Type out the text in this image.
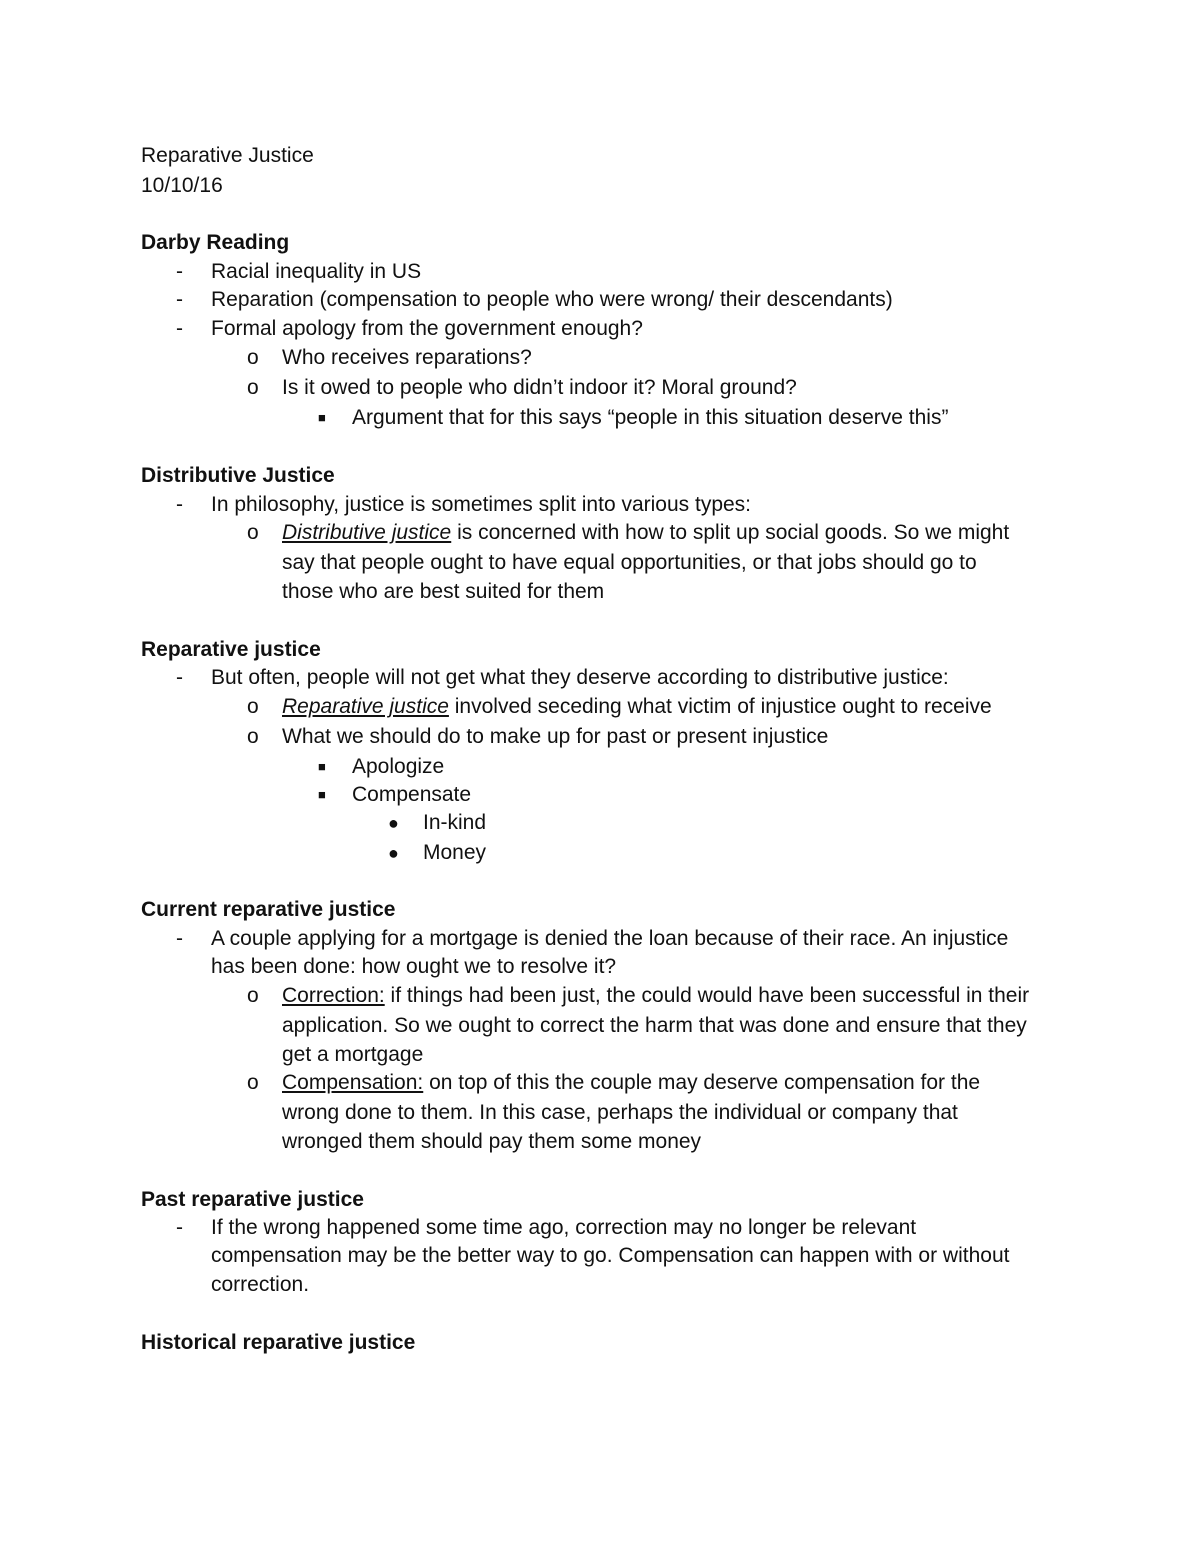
Reparative Justice
10/10/16
Darby Reading
- Racial inequality in US
- Reparation (compensation to people who were wrong/ their descendants)
- Formal apology from the government enough?
o Who receives reparations?
o Is it owed to people who didn’t indoor it? Moral ground?
■ Argument that for this says “people in this situation deserve this”
Distributive Justice
- In philosophy, justice is sometimes split into various types:
o Distributive justice is concerned with how to split up social goods. So we might
say that people ought to have equal opportunities, or that jobs should go to
those who are best suited for them
Reparative justice
- But often, people will not get what they deserve according to distributive justice:
o Reparative justice involved seceding what victim of injustice ought to receive
o What we should do to make up for past or present injustice
■ Apologize
■ Compensate
● In-kind
● Money
Current reparative justice
- A couple applying for a mortgage is denied the loan because of their race. An injustice
has been done: how ought we to resolve it?
o Correction: if things had been just, the could would have been successful in their
application. So we ought to correct the harm that was done and ensure that they
get a mortgage
o Compensation: on top of this the couple may deserve compensation for the
wrong done to them. In this case, perhaps the individual or company that
wronged them should pay them some money
Past reparative justice
- If the wrong happened some time ago, correction may no longer be relevant
compensation may be the better way to go. Compensation can happen with or without
correction.
Historical reparative justice
